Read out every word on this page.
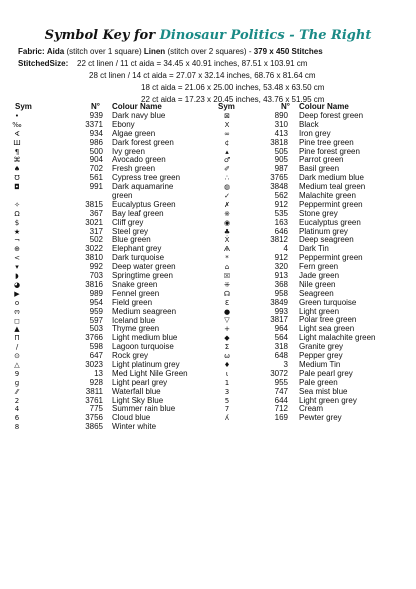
Symbol Key for Dinosaur Politics - The Right
Fabric: Aida (stitch over 1 square) Linen (stitch over 2 squares) - 379 x 450 Stitches
StitchedSize: 22 ct linen / 11 ct aida = 34.45 x 40.91 inches, 87.51 x 103.91 cm
28 ct linen / 14 ct aida = 27.07 x 32.14 inches, 68.76 x 81.64 cm
18 ct aida = 21.06 x 25.00 inches, 53.48 x 63.50 cm
22 ct aida = 17.23 x 20.45 inches, 43.76 x 51.95 cm
Sym	N° Colour Name	Sym	N° Colour Name
•	939 Dark navy blue
‰	3371 Ebony
∢	934 Algae green
Ш	986 Dark forest green
¶	500 Ivy green
⌘	904 Avocado green
♠	702 Fresh green
Ʊ	561 Cypress tree green
◘	991 Dark aquamarine green
✧	3815 Eucalyptus Green
Ω	367 Bay leaf green
$	3021 Cliff grey
★	317 Steel grey
¬	502 Blue green
⊕	3022 Elephant grey
<	3810 Dark turquoise
▾	992 Deep water green
◗	703 Springtime green
◕	3816 Snake green
▶	989 Fennel green
o	954 Field green
ო	959 Medium seagreen
◻	597 Iceland blue
▲	503 Thyme green
Π	3766 Light medium blue
/	598 Lagoon turquoise
⊙	647 Rock grey
△	3023 Light platinum grey
9	13 Med Light Nile Green
ɡ	928 Light pearl grey
⁄⁄	3811 Waterfall blue
2	3761 Light Sky Blue
4	775 Summer rain blue
6	3756 Cloud blue
8	3865 Winter white
⊠	890 Deep forest green
X	310 Black
∞	413 Iron grey
¢	3818 Pine tree green
▴	505 Pine forest green
♂	905 Parrot green
✐	987 Basil green
∴	3765 Dark medium blue
◍	3848 Medium teal green
✓	562 Malachite green
✗	912 Peppermint green
※	535 Stone grey
◉	163 Eucalyptus green
♣	646 Platinum grey
Ẋ	3812 Deep seagreen
Ѧ	4 Dark Tin
*	912 Peppermint green
⌂	320 Fern green
☒	913 Jade green
⁜	368 Nile green
☊	958 Seagreen
Ɛ	3849 Green turquoise
●	993 Light green
▽	3817 Polar tree green
+	964 Light sea green
◆	564 Light malachite green
Σ	318 Granite grey
ω	648 Pepper grey
♦	3 Medium Tin
ɩ	3072 Pale pearl grey
1	955 Pale green
3	747 Sea mist blue
5	644 Light green grey
7	712 Cream
ʎ	169 Pewter grey
